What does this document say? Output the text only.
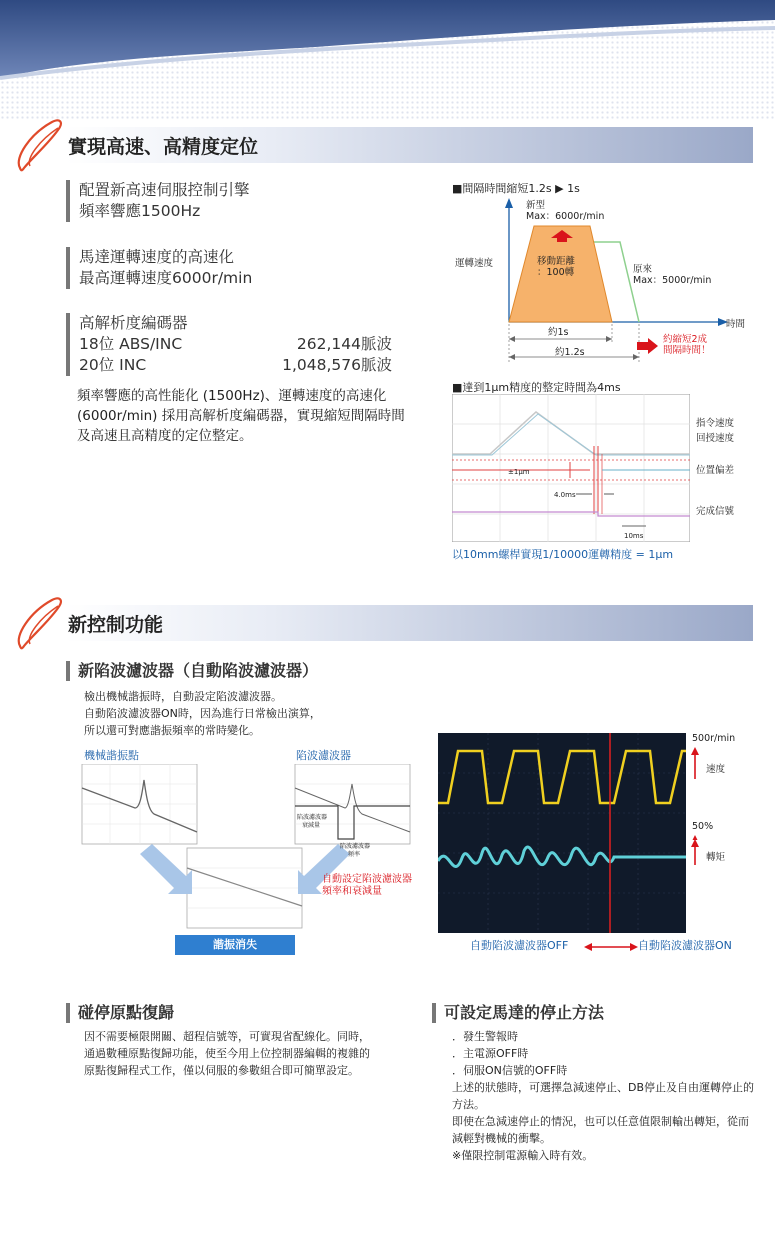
實現高速、高精度定位
配置新高速伺服控制引擎
頻率響應1500Hz
馬達運轉速度的高速化
最高運轉速度6000r/min
高解析度編碼器
18位 ABS/INC	262,144脈波
20位 INC	1,048,576脈波
頻率響應的高性能化 (1500Hz)、運轉速度的高速化 (6000r/min) 採用高解析度編碼器，實現縮短間隔時間及高速且高精度的定位整定。
■間隔時間縮短1.2s ▶ 1s
新型
Max：6000r/min
運轉速度	移動距離
：100轉	原來
Max：5000r/min
時間
約1s
約1.2s
約縮短2成
間隔時間！
■達到1μm精度的整定時間為4ms
±1μm
4.0ms
10ms
指令速度
回授速度
位置偏差
完成信號
以10mm螺桿實現1/10000運轉精度 = 1μm
新控制功能
新陷波濾波器（自動陷波濾波器）
檢出機械諧振時，自動設定陷波濾波器。
自動陷波濾波器ON時，因為進行日常檢出演算，
所以還可對應諧振頻率的常時變化。
機械諧振點	陷波濾波器
陷波濾波器
衰減量
陷波濾波器
頻率
自動設定陷波濾波器
頻率和衰減量
諧振消失
500r/min
速度
50%
轉矩
自動陷波濾波器OFF	自動陷波濾波器ON
碰停原點復歸
因不需要極限開關、超程信號等，可實現省配線化。同時，通過數種原點復歸功能，使至今用上位控制器編輯的複雜的原點復歸程式工作，僅以伺服的參數組合即可簡單設定。
可設定馬達的停止方法
．發生警報時
．主電源OFF時
．伺服ON信號的OFF時
上述的狀態時，可選擇急減速停止、DB停止及自由運轉停止的方法。
即使在急減速停止的情況，也可以任意值限制輸出轉矩，從而減輕對機械的衝擊。
※僅限控制電源輸入時有效。
